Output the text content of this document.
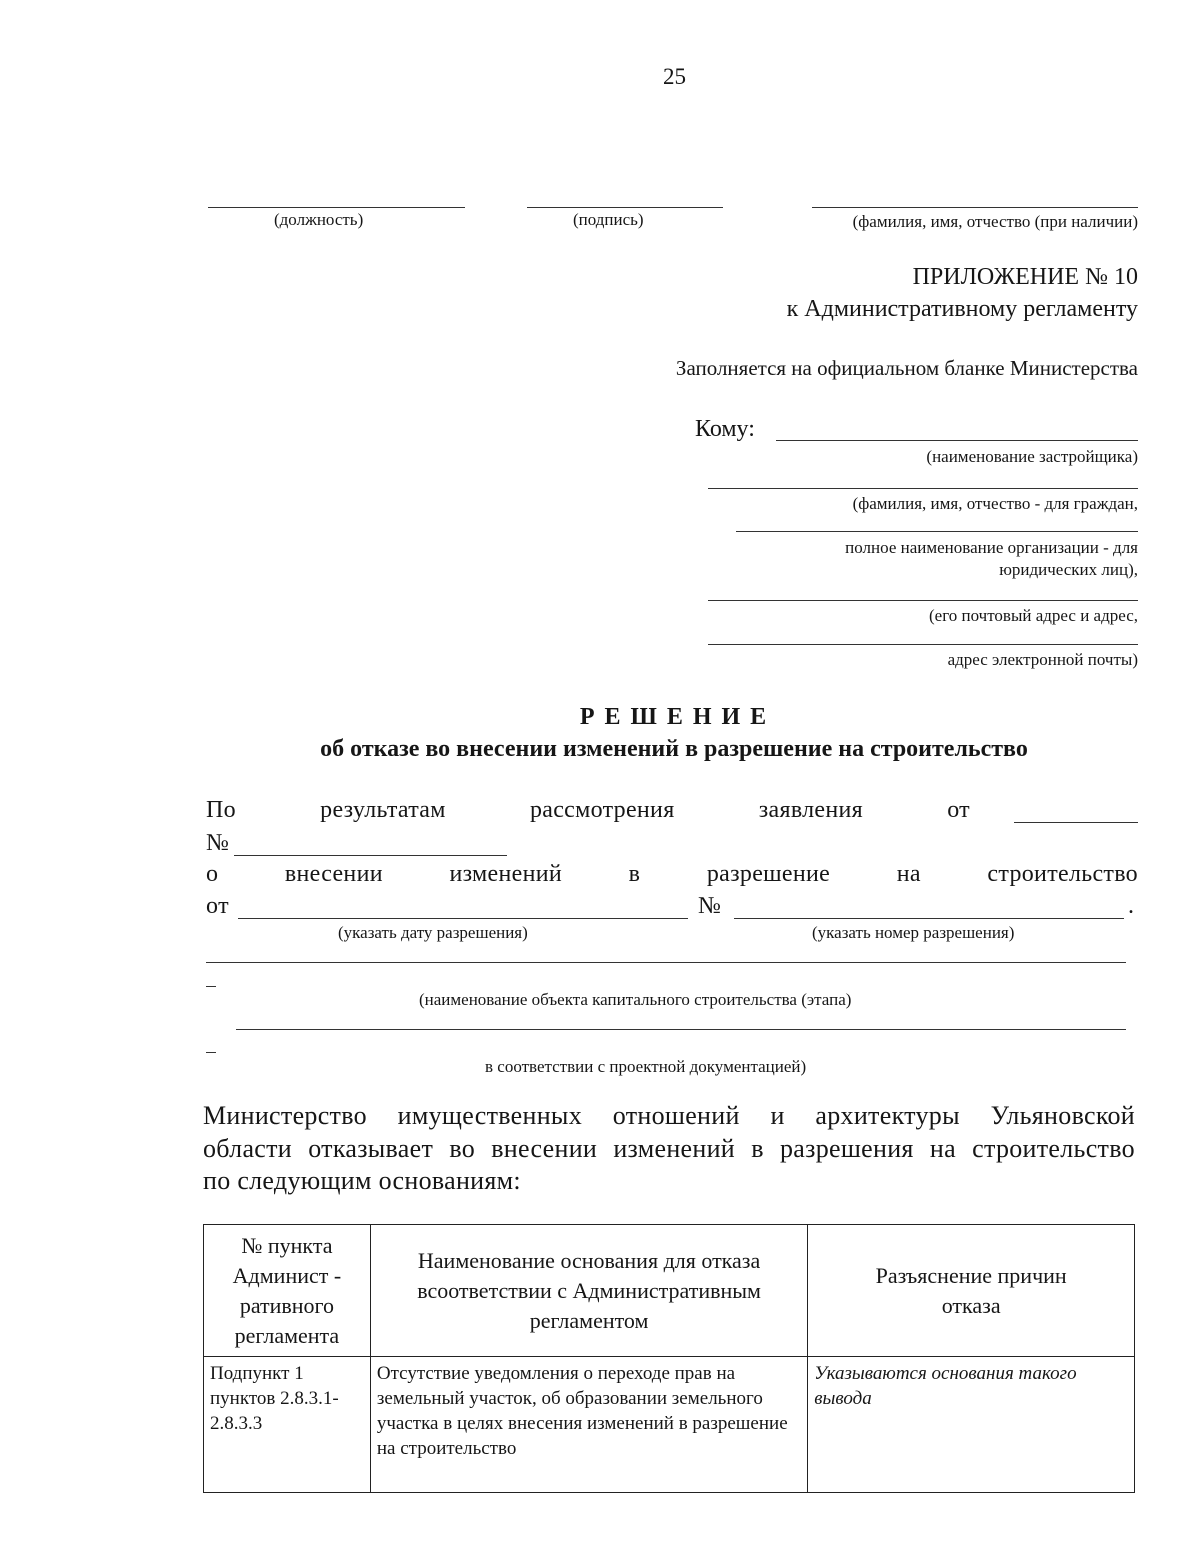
25
(должность)	(подпись)	(фамилия, имя, отчество (при наличии)
ПРИЛОЖЕНИЕ № 10
к Административному регламенту
Заполняется на официальном бланке Министерства
Кому:
(наименование застройщика)
(фамилия, имя, отчество - для граждан,
полное наименование организации - для
юридических лиц),
(его почтовый адрес и адрес,
адрес электронной почты)
Р Е Ш Е Н И Е
об отказе во внесении изменений в разрешение на строительство
По	результатам	рассмотрения	заявления	от
№
о	внесении	изменений	в	разрешение	на	строительство
от	№	.
(указать дату разрешения)	(указать номер разрешения)
(наименование объекта капитального строительства (этапа)
в соответствии с проектной документацией)
Министерство имущественных отношений и архитектуры Ульяновской
области отказывает во внесении изменений в разрешения на строительство
по следующим основаниям:
№ пункта Админист - ративного регламента	Наименование основания для отказа всоответствии с Административным регламентом	Разъяснение причин отказа
Подпункт 1 пунктов 2.8.3.1-2.8.3.3	Отсутствие уведомления о переходе прав на земельный участок, об образовании земельного участка в целях внесения изменений в разрешение на строительство	Указываются основания такого вывода
